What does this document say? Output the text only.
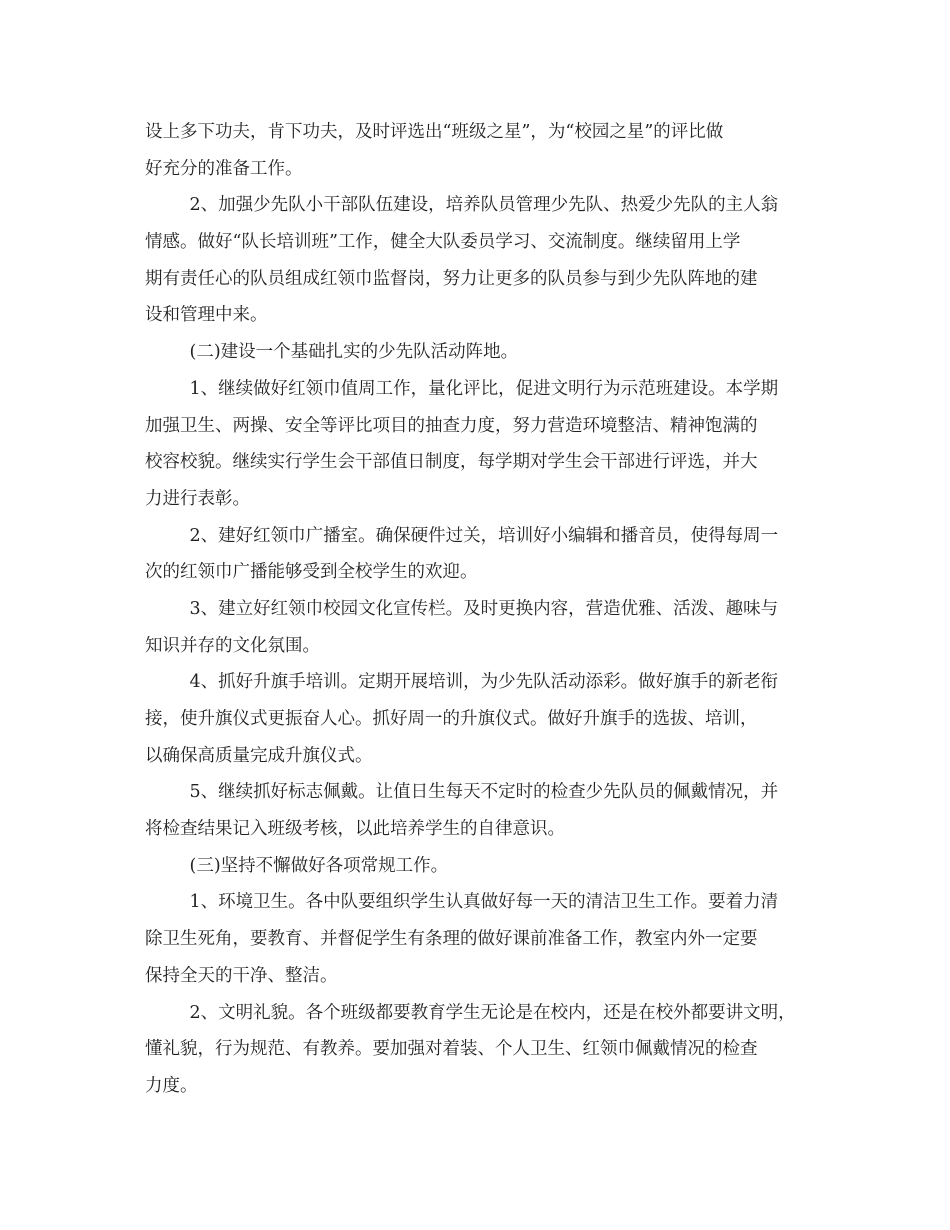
设上多下功夫，肯下功夫，及时评选出“班级之星”，为“校园之星”的评比做
好充分的准备工作。
2、加强少先队小干部队伍建设，培养队员管理少先队、热爱少先队的主人翁
情感。做好“队长培训班”工作，健全大队委员学习、交流制度。继续留用上学
期有责任心的队员组成红领巾监督岗，努力让更多的队员参与到少先队阵地的建
设和管理中来。
(二)建设一个基础扎实的少先队活动阵地。
1、继续做好红领巾值周工作，量化评比，促进文明行为示范班建设。本学期
加强卫生、两操、安全等评比项目的抽查力度，努力营造环境整洁、精神饱满的
校容校貌。继续实行学生会干部值日制度，每学期对学生会干部进行评选，并大
力进行表彰。
2、建好红领巾广播室。确保硬件过关，培训好小编辑和播音员，使得每周一
次的红领巾广播能够受到全校学生的欢迎。
3、建立好红领巾校园文化宣传栏。及时更换内容，营造优雅、活泼、趣味与
知识并存的文化氛围。
4、抓好升旗手培训。定期开展培训，为少先队活动添彩。做好旗手的新老衔
接，使升旗仪式更振奋人心。抓好周一的升旗仪式。做好升旗手的选拔、培训，
以确保高质量完成升旗仪式。
5、继续抓好标志佩戴。让值日生每天不定时的检查少先队员的佩戴情况，并
将检查结果记入班级考核，以此培养学生的自律意识。
(三)坚持不懈做好各项常规工作。
1、环境卫生。各中队要组织学生认真做好每一天的清洁卫生工作。要着力清
除卫生死角，要教育、并督促学生有条理的做好课前准备工作，教室内外一定要
保持全天的干净、整洁。
2、文明礼貌。各个班级都要教育学生无论是在校内，还是在校外都要讲文明，
懂礼貌，行为规范、有教养。要加强对着装、个人卫生、红领巾佩戴情况的检查
力度。
